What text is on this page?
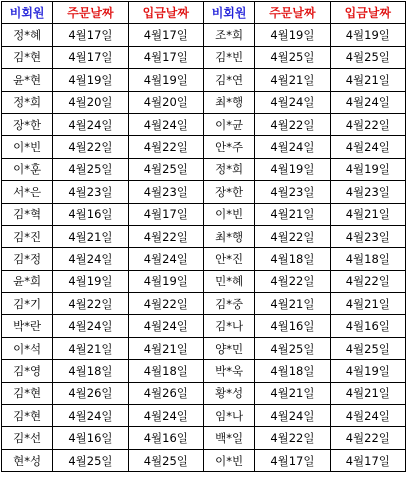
비회원	주문날짜	입금날짜	비회원	주문날짜	입금날짜
정*혜	4월17일	4월17일	조*희	4월19일	4월19일
김*현	4월17일	4월17일	김*빈	4월25일	4월25일
윤*현	4월19일	4월19일	김*연	4월21일	4월21일
정*희	4월20일	4월20일	최*행	4월24일	4월24일
장*한	4월24일	4월24일	이*균	4월22일	4월22일
이*빈	4월22일	4월22일	안*주	4월24일	4월24일
이*훈	4월25일	4월25일	정*희	4월19일	4월19일
서*은	4월23일	4월23일	장*한	4월23일	4월23일
김*혁	4월16일	4월17일	이*빈	4월21일	4월21일
김*진	4월21일	4월22일	최*행	4월22일	4월23일
김*정	4월24일	4월24일	안*진	4월18일	4월18일
윤*희	4월19일	4월19일	민*혜	4월22일	4월22일
김*기	4월22일	4월22일	김*중	4월21일	4월21일
박*란	4월24일	4월24일	김*나	4월16일	4월16일
이*석	4월21일	4월21일	양*민	4월25일	4월25일
김*영	4월18일	4월18일	박*욱	4월18일	4월19일
김*현	4월26일	4월26일	황*성	4월21일	4월21일
김*현	4월24일	4월24일	임*나	4월24일	4월24일
김*선	4월16일	4월16일	백*일	4월22일	4월22일
현*성	4월25일	4월25일	이*빈	4월17일	4월17일
